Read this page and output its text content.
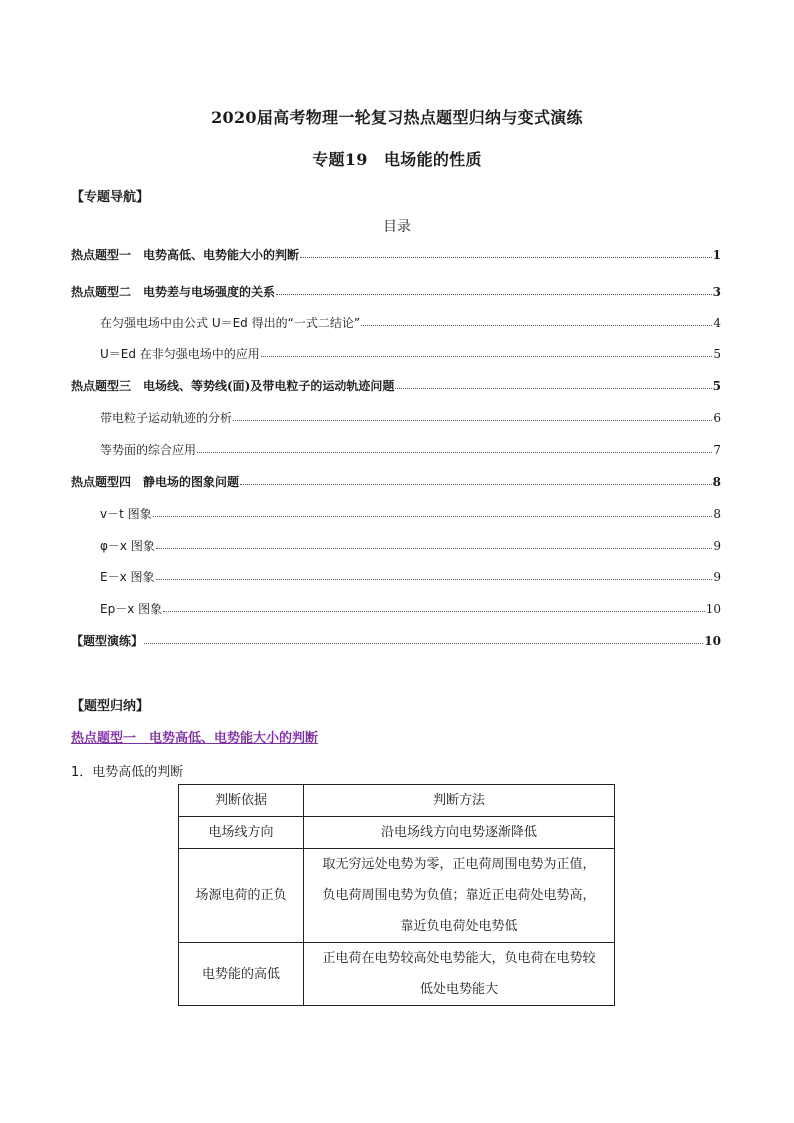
2020届高考物理一轮复习热点题型归纳与变式演练
专题19　电场能的性质
【专题导航】
目录
热点题型一　电势高低、电势能大小的判断	1
热点题型二　电势差与电场强度的关系	3
在匀强电场中由公式 U＝Ed 得出的“一式二结论”	4
U＝Ed 在非匀强电场中的应用	5
热点题型三　电场线、等势线(面)及带电粒子的运动轨迹问题	5
带电粒子运动轨迹的分析	6
等势面的综合应用	7
热点题型四　静电场的图象问题	8
v－t 图象	8
φ－x 图象	9
E－x 图象	9
Ep－x 图象	10
【题型演练】	10
【题型归纳】
热点题型一　电势高低、电势能大小的判断
1．电势高低的判断
判断依据	判断方法
电场线方向	沿电场线方向电势逐渐降低

场源电荷的正负	取无穷远处电势为零，正电荷周围电势为正值，
负电荷周围电势为负值；靠近正电荷处电势高，
靠近负电荷处电势低

电势能的高低	正电荷在电势较高处电势能大，负电荷在电势较
低处电势能大
